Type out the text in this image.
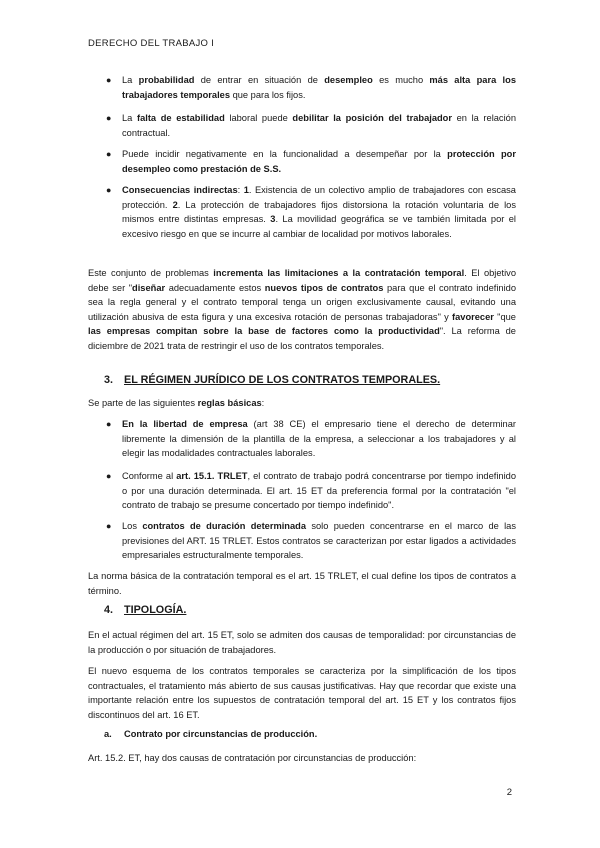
DERECHO DEL TRABAJO I
● La probabilidad de entrar en situación de desempleo es mucho más alta para los trabajadores temporales que para los fijos.
● La falta de estabilidad laboral puede debilitar la posición del trabajador en la relación contractual.
● Puede incidir negativamente en la funcionalidad a desempeñar por la protección por desempleo como prestación de S.S.
● Consecuencias indirectas: 1. Existencia de un colectivo amplio de trabajadores con escasa protección. 2. La protección de trabajadores fijos distorsiona la rotación voluntaria de los mismos entre distintas empresas. 3. La movilidad geográfica se ve también limitada por el excesivo riesgo en que se incurre al cambiar de localidad por motivos laborales.
Este conjunto de problemas incrementa las limitaciones a la contratación temporal. El objetivo debe ser "diseñar adecuadamente estos nuevos tipos de contratos para que el contrato indefinido sea la regla general y el contrato temporal tenga un origen exclusivamente causal, evitando una utilización abusiva de esta figura y una excesiva rotación de personas trabajadoras" y favorecer "que las empresas compitan sobre la base de factores como la productividad". La reforma de diciembre de 2021 trata de restringir el uso de los contratos temporales.
3. EL RÉGIMEN JURÍDICO DE LOS CONTRATOS TEMPORALES.
Se parte de las siguientes reglas básicas:
● En la libertad de empresa (art 38 CE) el empresario tiene el derecho de determinar libremente la dimensión de la plantilla de la empresa, a seleccionar a los trabajadores y al elegir las modalidades contractuales laborales.
● Conforme al art. 15.1. TRLET, el contrato de trabajo podrá concentrarse por tiempo indefinido o por una duración determinada. El art. 15 ET da preferencia formal por la contratación "el contrato de trabajo se presume concertado por tiempo indefinido".
● Los contratos de duración determinada solo pueden concentrarse en el marco de las previsiones del ART. 15 TRLET. Estos contratos se caracterizan por estar ligados a actividades empresariales estructuralmente temporales.
La norma básica de la contratación temporal es el art. 15 TRLET, el cual define los tipos de contratos a término.
4. TIPOLOGÍA.
En el actual régimen del art. 15 ET, solo se admiten dos causas de temporalidad: por circunstancias de la producción o por situación de trabajadores.
El nuevo esquema de los contratos temporales se caracteriza por la simplificación de los tipos contractuales, el tratamiento más abierto de sus causas justificativas. Hay que recordar que existe una importante relación entre los supuestos de contratación temporal del art. 15 ET y los contratos fijos discontinuos del art. 16 ET.
a. Contrato por circunstancias de producción.
Art. 15.2. ET, hay dos causas de contratación por circunstancias de producción:
2
